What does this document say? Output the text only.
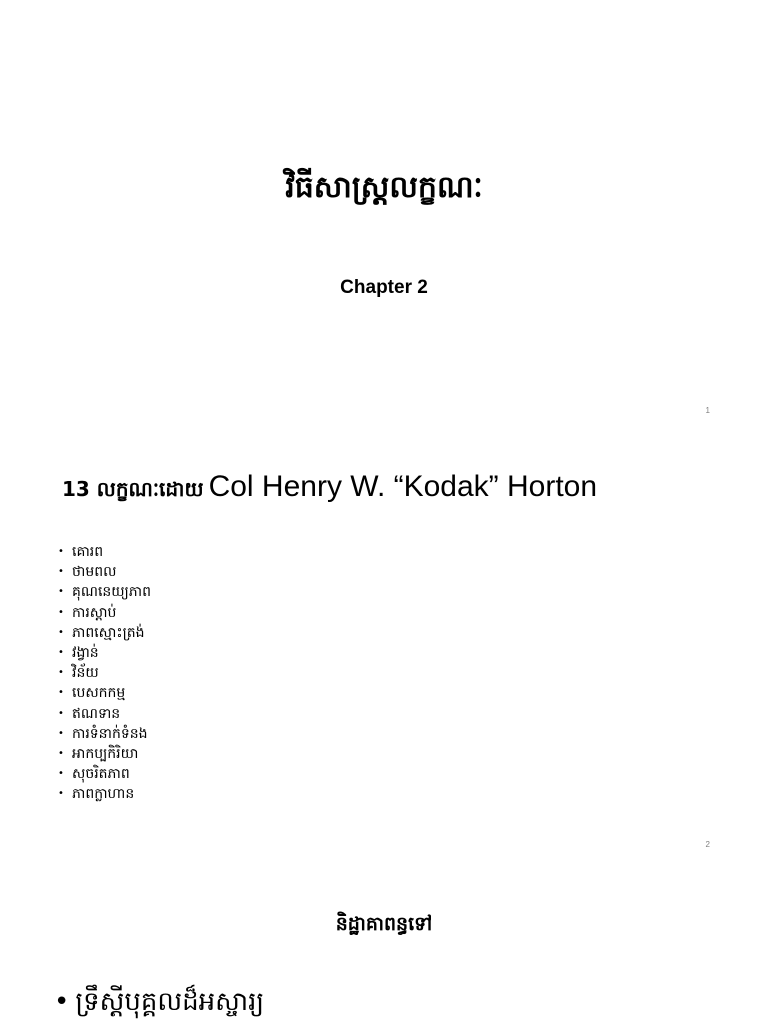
វិធីសាស្ត្រលក្ខណៈ
Chapter 2
1
13 លក្ខណៈដោយ Col Henry W. “Kodak” Horton
• គោរព
• ថាមពល
• គុណនេយ្យភាព
• ការស្តាប់
• ភាពស្មោះត្រង់
• វង្វាន់
• វិន័យ
• បេសកកម្ម
• ឥណទាន
• ការទំនាក់ទំនង
• អាកប្បកិរិយា
• សុចរិតភាព
• ភាពក្លាហាន
2
និដ្ឋាគាពន្ធទៅ
• ទ្រឹស្តីបុគ្គលដ៏អស្ចារ្យ
